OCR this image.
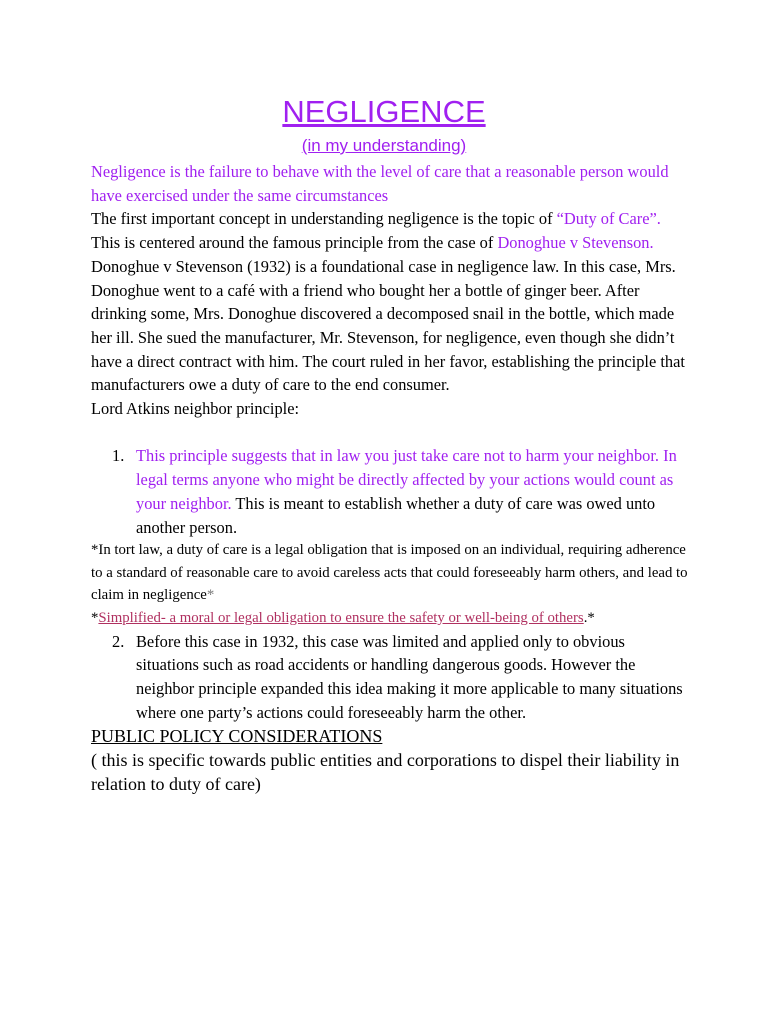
NEGLIGENCE
(in my understanding)

Negligence is the failure to behave with the level of care that a reasonable person would have exercised under the same circumstances

The first important concept in understanding negligence is the topic of “Duty of Care”. This is centered around the famous principle from the case of Donoghue v Stevenson.

Donoghue v Stevenson (1932) is a foundational case in negligence law. In this case, Mrs. Donoghue went to a café with a friend who bought her a bottle of ginger beer. After drinking some, Mrs. Donoghue discovered a decomposed snail in the bottle, which made her ill. She sued the manufacturer, Mr. Stevenson, for negligence, even though she didn’t have a direct contract with him. The court ruled in her favor, establishing the principle that manufacturers owe a duty of care to the end consumer.

Lord Atkins neighbor principle:

1. This principle suggests that in law you just take care not to harm your neighbor. In legal terms anyone who might be directly affected by your actions would count as your neighbor. This is meant to establish whether a duty of care was owed unto another person.

*In tort law, a duty of care is a legal obligation that is imposed on an individual, requiring adherence to a standard of reasonable care to avoid careless acts that could foreseeably harm others, and lead to claim in negligence*

*Simplified- a moral or legal obligation to ensure the safety or well-being of others.*

2. Before this case in 1932, this case was limited and applied only to obvious situations such as road accidents or handling dangerous goods. However the neighbor principle expanded this idea making it more applicable to many situations where one party’s actions could foreseeably harm the other.

PUBLIC POLICY CONSIDERATIONS

( this is specific towards public entities and corporations to dispel their liability in relation to duty of care)
